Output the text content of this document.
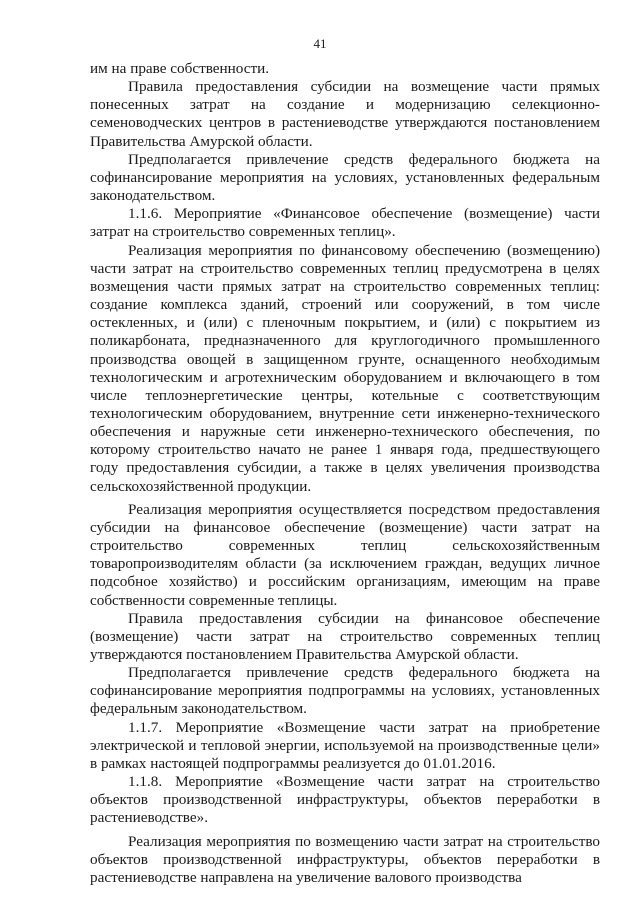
41

им на праве собственности.

Правила предоставления субсидии на возмещение части прямых понесенных затрат на создание и модернизацию селекционно-семеноводческих центров в растениеводстве утверждаются постановлением Правительства Амурской области.

Предполагается привлечение средств федерального бюджета на софинансирование мероприятия на условиях, установленных федеральным законодательством.

1.1.6. Мероприятие «Финансовое обеспечение (возмещение) части затрат на строительство современных теплиц».

Реализация мероприятия по финансовому обеспечению (возмещению) части затрат на строительство современных теплиц предусмотрена в целях возмещения части прямых затрат на строительство современных теплиц: создание комплекса зданий, строений или сооружений, в том числе остекленных, и (или) с пленочным покрытием, и (или) с покрытием из поликарбоната, предназначенного для круглогодичного промышленного производства овощей в защищенном грунте, оснащенного необходимым технологическим и агротехническим оборудованием и включающего в том числе теплоэнергетические центры, котельные с соответствующим технологическим оборудованием, внутренние сети инженерно-технического обеспечения и наружные сети инженерно-технического обеспечения, по которому строительство начато не ранее 1 января года, предшествующего году предоставления субсидии, а также в целях увеличения производства сельскохозяйственной продукции.

Реализация мероприятия осуществляется посредством предоставления субсидии на финансовое обеспечение (возмещение) части затрат на строительство современных теплиц сельскохозяйственным товаропроизводителям области (за исключением граждан, ведущих личное подсобное хозяйство) и российским организациям, имеющим на праве собственности современные теплицы.

Правила предоставления субсидии на финансовое обеспечение (возмещение) части затрат на строительство современных теплиц утверждаются постановлением Правительства Амурской области.

Предполагается привлечение средств федерального бюджета на софинансирование мероприятия подпрограммы на условиях, установленных федеральным законодательством.

1.1.7. Мероприятие «Возмещение части затрат на приобретение электрической и тепловой энергии, используемой на производственные цели» в рамках настоящей подпрограммы реализуется до 01.01.2016.

1.1.8. Мероприятие «Возмещение части затрат на строительство объектов производственной инфраструктуры, объектов переработки в растениеводстве».

Реализация мероприятия по возмещению части затрат на строительство объектов производственной инфраструктуры, объектов переработки в растениеводстве направлена на увеличение валового производства
